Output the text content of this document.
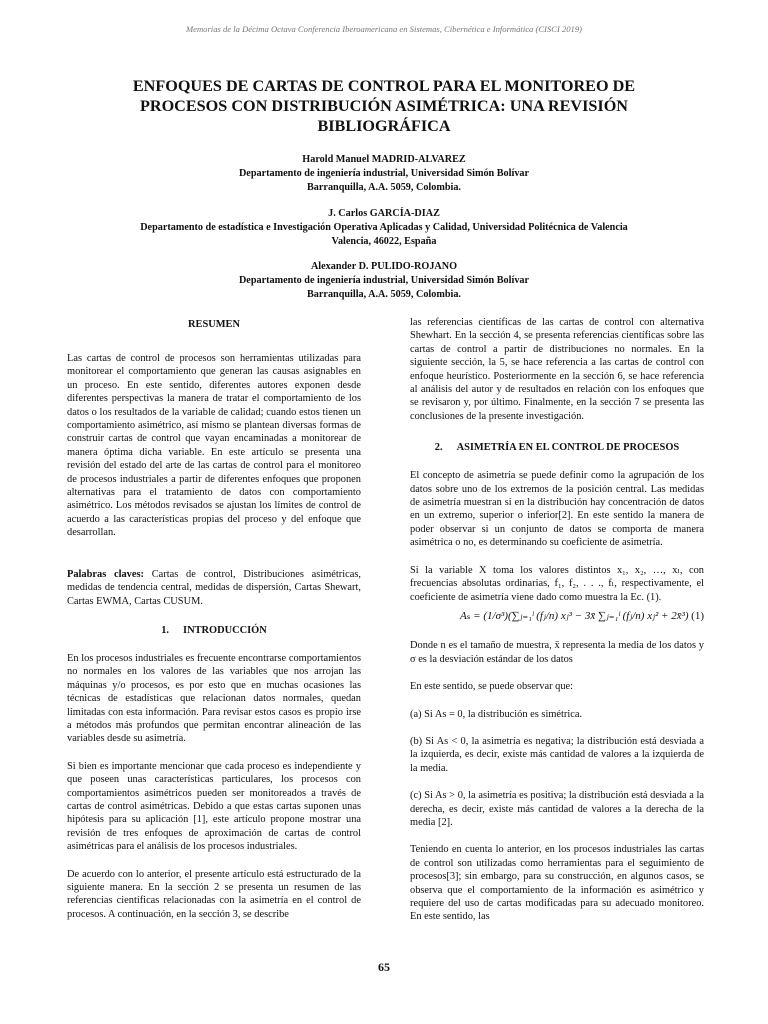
Memorias de la Décima Octava Conferencia Iberoamericana en Sistemas, Cibernética e Informática (CISCI 2019)
ENFOQUES DE CARTAS DE CONTROL PARA EL MONITOREO DE PROCESOS CON DISTRIBUCIÓN ASIMÉTRICA: UNA REVISIÓN BIBLIOGRÁFICA
Harold Manuel MADRID-ALVAREZ
Departamento de ingeniería industrial, Universidad Simón Bolívar
Barranquilla, A.A. 5059, Colombia.
J. Carlos GARCÍA-DIAZ
Departamento de estadística e Investigación Operativa Aplicadas y Calidad, Universidad Politécnica de Valencia
Valencia, 46022, España
Alexander D. PULIDO-ROJANO
Departamento de ingeniería industrial, Universidad Simón Bolívar
Barranquilla, A.A. 5059, Colombia.
RESUMEN

Las cartas de control de procesos son herramientas utilizadas para monitorear el comportamiento que generan las causas asignables en un proceso. En este sentido, diferentes autores exponen desde diferentes perspectivas la manera de tratar el comportamiento de los datos o los resultados de la variable de calidad; cuando estos tienen un comportamiento asimétrico, así mismo se plantean diversas formas de construir cartas de control que vayan encaminadas a monitorear de manera óptima dicha variable. En este artículo se presenta una revisión del estado del arte de las cartas de control para el monitoreo de procesos industriales a partir de diferentes enfoques que proponen alternativas para el tratamiento de datos con comportamiento asimétrico. Los métodos revisados se ajustan los límites de control de acuerdo a las características propias del proceso y del enfoque que desarrollan.

Palabras claves: Cartas de control, Distribuciones asimétricas, medidas de tendencia central, medidas de dispersión, Cartas Shewart, Cartas EWMA, Cartas CUSUM.

1. INTRODUCCIÓN

En los procesos industriales es frecuente encontrarse comportamientos no normales en los valores de las variables que nos arrojan las máquinas y/o procesos, es por esto que en muchas ocasiones las técnicas de estadísticas que relacionan datos normales, quedan limitadas con esta información. Para revisar estos casos es propio irse a métodos más profundos que permitan encontrar alineación de las variables desde su asimetría.

Si bien es importante mencionar que cada proceso es independiente y que poseen unas características particulares, los procesos con comportamientos asimétricos pueden ser monitoreados a través de cartas de control asimétricas. Debido a que estas cartas suponen unas hipótesis para su aplicación [1], este artículo propone mostrar una revisión de tres enfoques de aproximación de cartas de control asimétricas para el análisis de los procesos industriales.

De acuerdo con lo anterior, el presente artículo está estructurado de la siguiente manera. En la sección 2 se presenta un resumen de las referencias científicas relacionadas con la asimetría en el control de procesos. A continuación, en la sección 3, se describe

las referencias científicas de las cartas de control con alternativa Shewhart. En la sección 4, se presenta referencias científicas sobre las cartas de control a partir de distribuciones no normales. En la siguiente sección, la 5, se hace referencia a las cartas de control con enfoque heurístico. Posteriormente en la sección 6, se hace referencia al análisis del autor y de resultados en relación con los enfoques que se revisaron y, por último. Finalmente, en la sección 7 se presenta las conclusiones de la presente investigación.

2. ASIMETRÍA EN EL CONTROL DE PROCESOS

El concepto de asimetría se puede definir como la agrupación de los datos sobre uno de los extremos de la posición central. Las medidas de asimetría muestran si en la distribución hay concentración de datos en un extremo, superior o inferior[2]. En este sentido la manera de poder observar si un conjunto de datos se comporta de manera asimétrica o no, es determinando su coeficiente de asimetría.

Si la variable X toma los valores distintos x₁, x₂, …, xₗ, con frecuencias absolutas ordinarias, f₁, f₂, . . ., fₗ, respectivamente, el coeficiente de asimetría viene dado como muestra la Ec. (1).

Aₛ = (1/σ³)(∑ⱼ₌₁ˡ (fⱼ/n) xⱼ³ − 3x̄ ∑ⱼ₌₁ˡ (fⱼ/n) xⱼ² + 2x̄³) (1)

Donde n es el tamaño de muestra, x̄ representa la media de los datos y σ es la desviación estándar de los datos

En este sentido, se puede observar que:

(a) Si As = 0, la distribución es simétrica.

(b) Si As < 0, la asimetría es negativa; la distribución está desviada a la izquierda, es decir, existe más cantidad de valores a la izquierda de la media.

(c) Si As > 0, la asimetría es positiva; la distribución está desviada a la derecha, es decir, existe más cantidad de valores a la derecha de la media [2].

Teniendo en cuenta lo anterior, en los procesos industriales las cartas de control son utilizadas como herramientas para el seguimiento de procesos[3]; sin embargo, para su construcción, en algunos casos, se observa que el comportamiento de la información es asimétrico y requiere del uso de cartas modificadas para su adecuado monitoreo. En este sentido, las

65
